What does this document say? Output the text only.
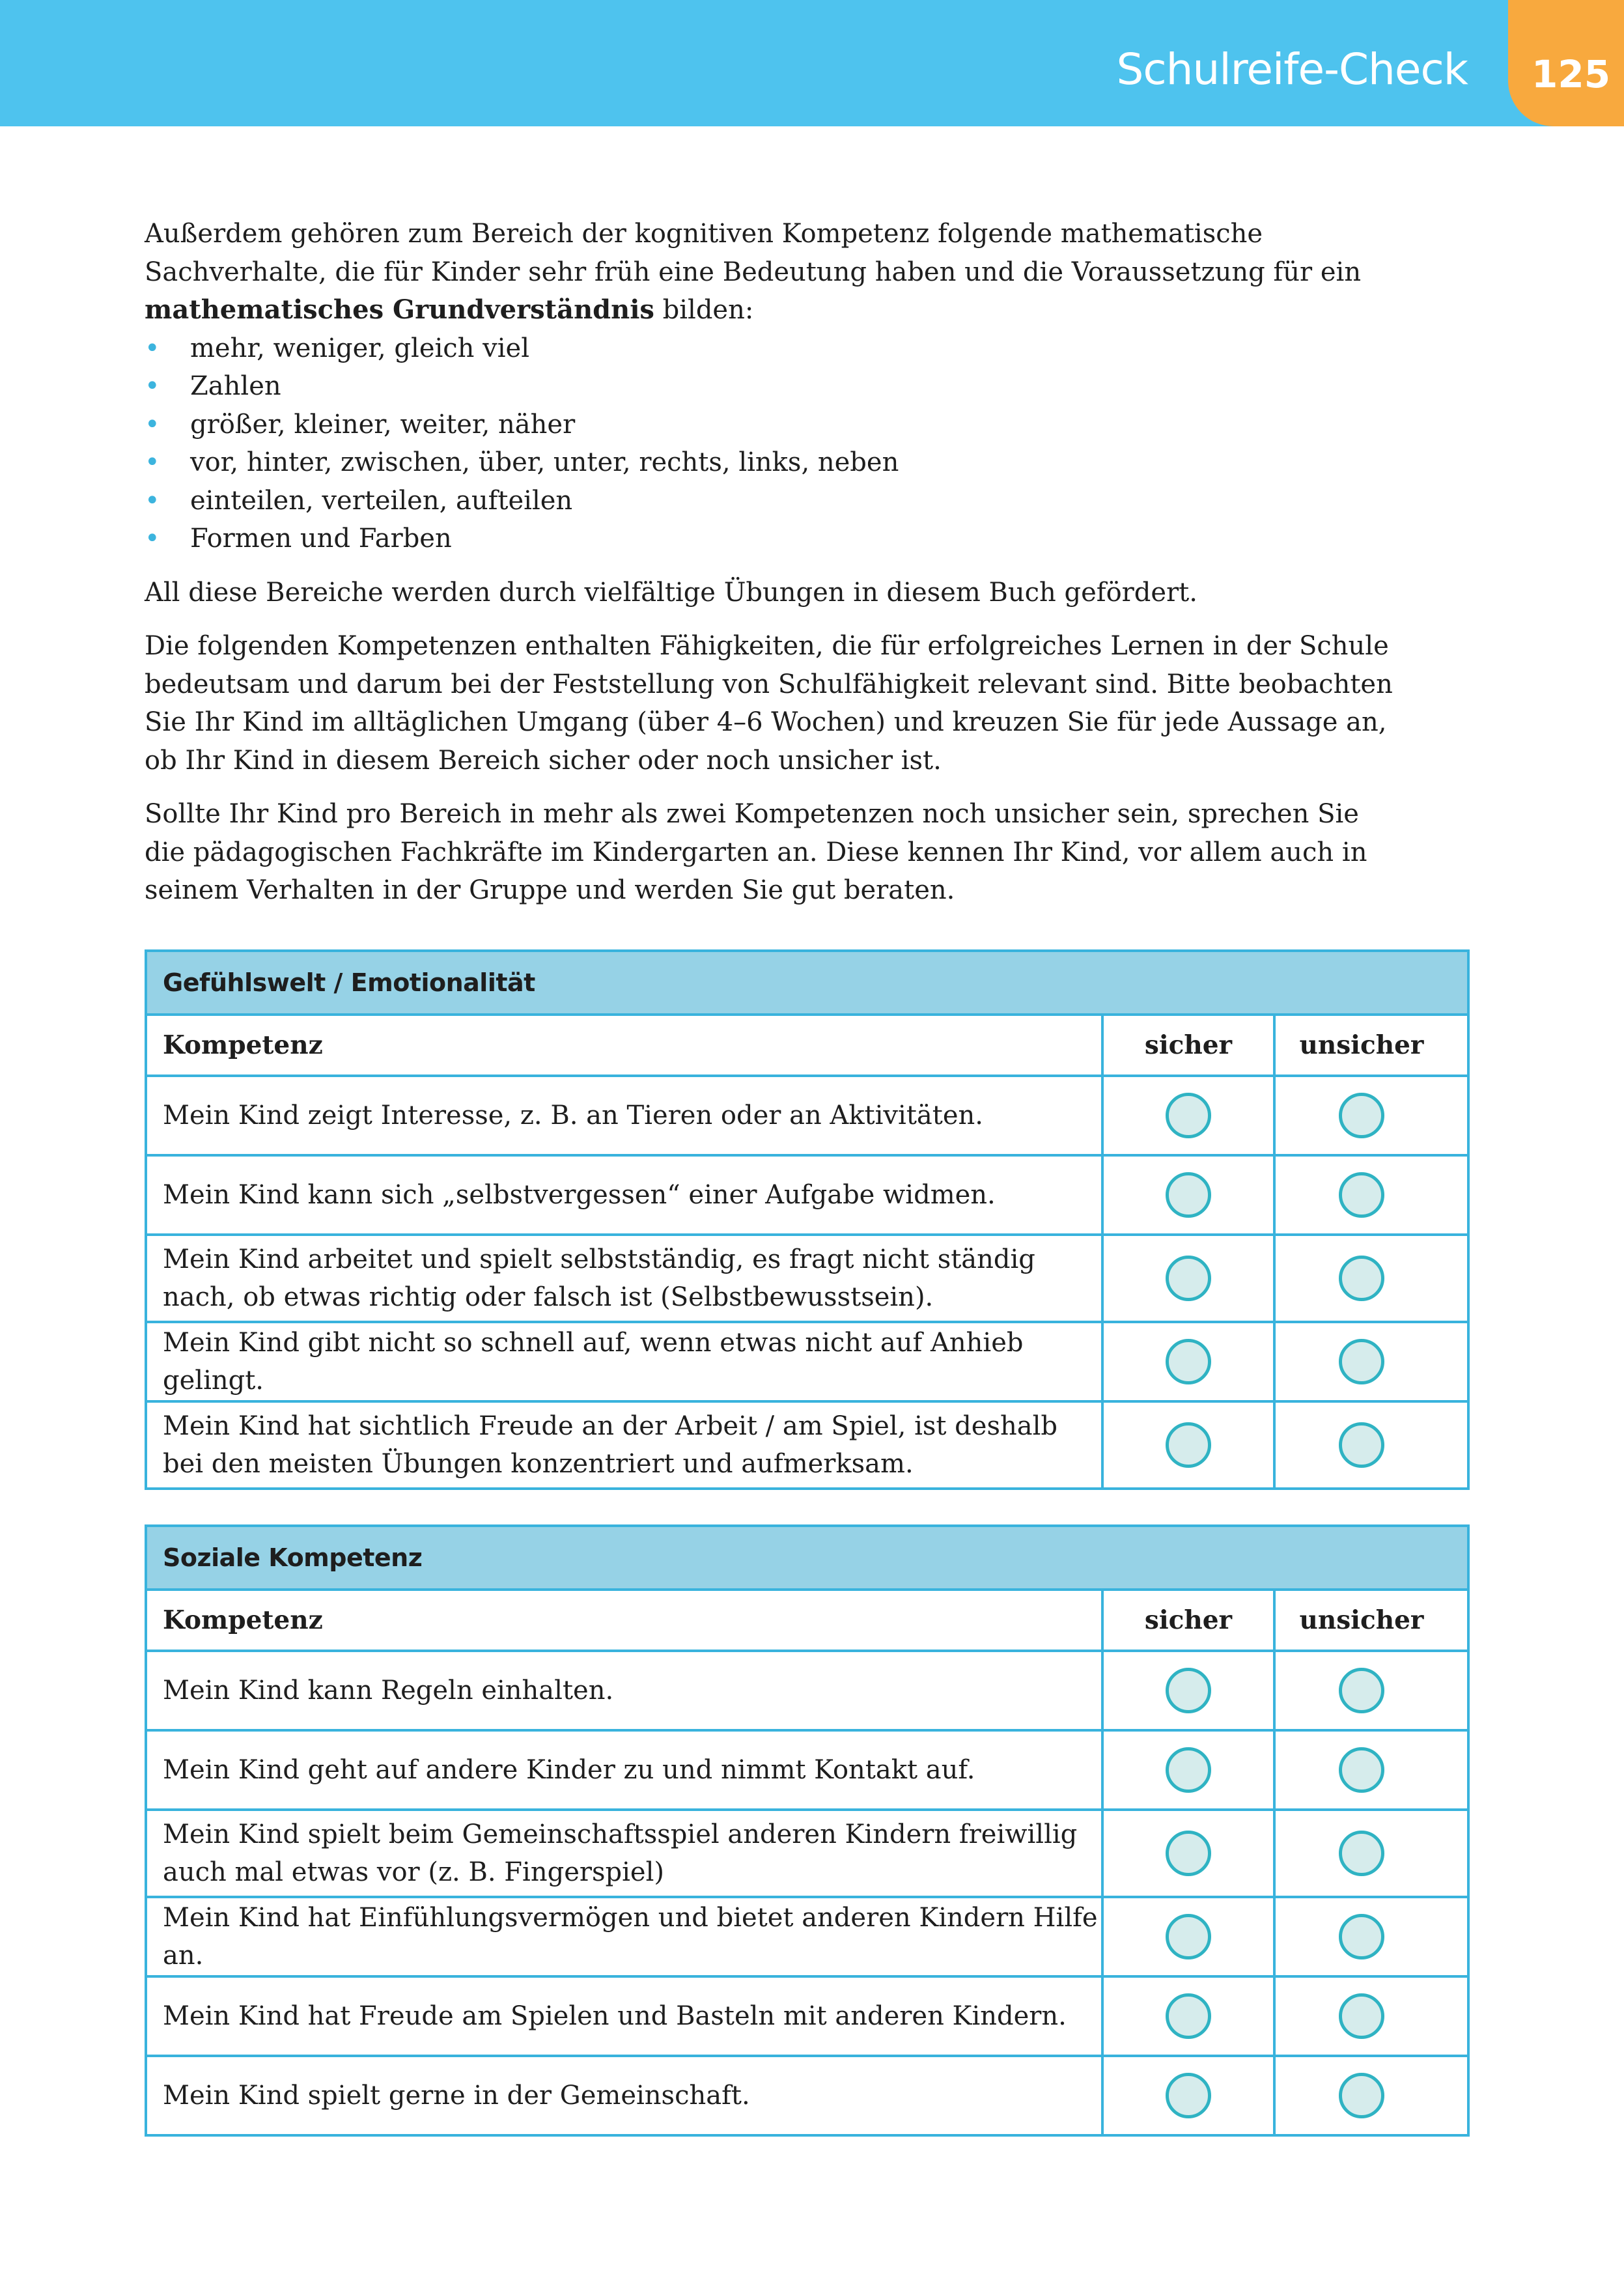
Schulreife-Check 125

Außerdem gehören zum Bereich der kognitiven Kompetenz folgende mathematische Sachverhalte, die für Kinder sehr früh eine Bedeutung haben und die Voraussetzung für ein mathematisches Grundverständnis bilden:

• mehr, weniger, gleich viel
• Zahlen
• größer, kleiner, weiter, näher
• vor, hinter, zwischen, über, unter, rechts, links, neben
• einteilen, verteilen, aufteilen
• Formen und Farben

All diese Bereiche werden durch vielfältige Übungen in diesem Buch gefördert.

Die folgenden Kompetenzen enthalten Fähigkeiten, die für erfolgreiches Lernen in der Schule bedeutsam und darum bei der Feststellung von Schulfähigkeit relevant sind. Bitte beobachten Sie Ihr Kind im alltäglichen Umgang (über 4–6 Wochen) und kreuzen Sie für jede Aussage an, ob Ihr Kind in diesem Bereich sicher oder noch unsicher ist.

Sollte Ihr Kind pro Bereich in mehr als zwei Kompetenzen noch unsicher sein, sprechen Sie die pädagogischen Fachkräfte im Kindergarten an. Diese kennen Ihr Kind, vor allem auch in seinem Verhalten in der Gruppe und werden Sie gut beraten.

Gefühlswelt / Emotionalität
Kompetenz	sicher	unsicher
Mein Kind zeigt Interesse, z. B. an Tieren oder an Aktivitäten.
Mein Kind kann sich „selbstvergessen“ einer Aufgabe widmen.
Mein Kind arbeitet und spielt selbstständig, es fragt nicht ständig nach, ob etwas richtig oder falsch ist (Selbstbewusstsein).
Mein Kind gibt nicht so schnell auf, wenn etwas nicht auf Anhieb gelingt.
Mein Kind hat sichtlich Freude an der Arbeit / am Spiel, ist deshalb bei den meisten Übungen konzentriert und aufmerksam.
Soziale Kompetenz
Kompetenz	sicher	unsicher
Mein Kind kann Regeln einhalten.
Mein Kind geht auf andere Kinder zu und nimmt Kontakt auf.
Mein Kind spielt beim Gemeinschaftsspiel anderen Kindern freiwillig auch mal etwas vor (z. B. Fingerspiel)
Mein Kind hat Einfühlungsvermögen und bietet anderen Kindern Hilfe an.
Mein Kind hat Freude am Spielen und Basteln mit anderen Kindern.
Mein Kind spielt gerne in der Gemeinschaft.
